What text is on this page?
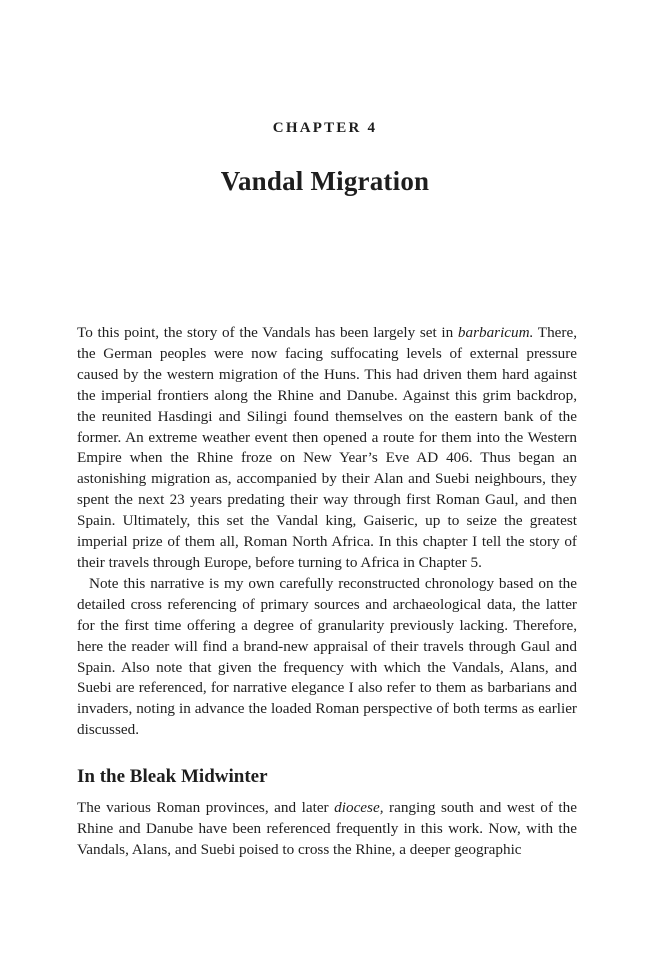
CHAPTER 4
Vandal Migration

To this point, the story of the Vandals has been largely set in barbaricum. There, the German peoples were now facing suffocating levels of external pressure caused by the western migration of the Huns. This had driven them hard against the imperial frontiers along the Rhine and Danube. Against this grim backdrop, the reunited Hasdingi and Silingi found themselves on the eastern bank of the former. An extreme weather event then opened a route for them into the Western Empire when the Rhine froze on New Year’s Eve AD 406. Thus began an astonishing migration as, accompanied by their Alan and Suebi neighbours, they spent the next 23 years predating their way through first Roman Gaul, and then Spain. Ultimately, this set the Vandal king, Gaiseric, up to seize the greatest imperial prize of them all, Roman North Africa. In this chapter I tell the story of their travels through Europe, before turning to Africa in Chapter 5.

Note this narrative is my own carefully reconstructed chronology based on the detailed cross referencing of primary sources and archaeological data, the latter for the first time offering a degree of granularity previously lacking. Therefore, here the reader will find a brand-new appraisal of their travels through Gaul and Spain. Also note that given the frequency with which the Vandals, Alans, and Suebi are referenced, for narrative elegance I also refer to them as barbarians and invaders, noting in advance the loaded Roman perspective of both terms as earlier discussed.

In the Bleak Midwinter

The various Roman provinces, and later diocese, ranging south and west of the Rhine and Danube have been referenced frequently in this work. Now, with the Vandals, Alans, and Suebi poised to cross the Rhine, a deeper geographic
